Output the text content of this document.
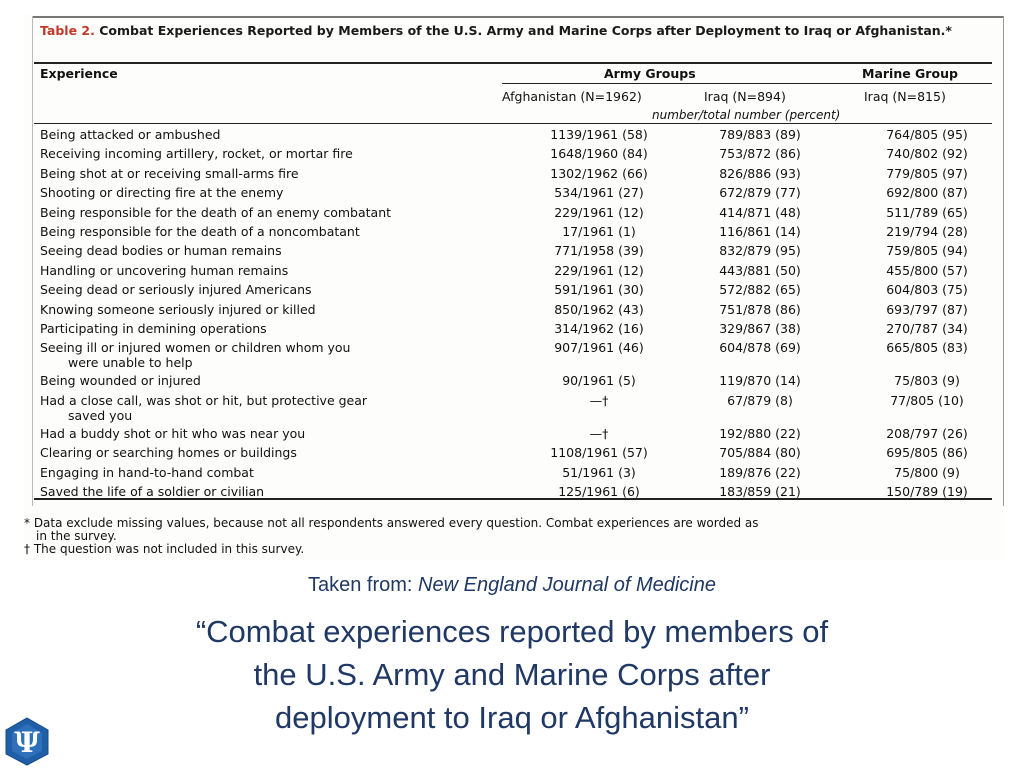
Table 2. Combat Experiences Reported by Members of the U.S. Army and Marine Corps after Deployment to Iraq or Afghanistan.*
Experience	Army Groups	Marine Group
Afghanistan (N=1962)	Iraq (N=894)	Iraq (N=815)
number/total number (percent)
Being attacked or ambushed	1139/1961 (58)	789/883 (89)	764/805 (95)
Receiving incoming artillery, rocket, or mortar fire	1648/1960 (84)	753/872 (86)	740/802 (92)
Being shot at or receiving small-arms fire	1302/1962 (66)	826/886 (93)	779/805 (97)
Shooting or directing fire at the enemy	534/1961 (27)	672/879 (77)	692/800 (87)
Being responsible for the death of an enemy combatant	229/1961 (12)	414/871 (48)	511/789 (65)
Being responsible for the death of a noncombatant	17/1961 (1)	116/861 (14)	219/794 (28)
Seeing dead bodies or human remains	771/1958 (39)	832/879 (95)	759/805 (94)
Handling or uncovering human remains	229/1961 (12)	443/881 (50)	455/800 (57)
Seeing dead or seriously injured Americans	591/1961 (30)	572/882 (65)	604/803 (75)
Knowing someone seriously injured or killed	850/1962 (43)	751/878 (86)	693/797 (87)
Participating in demining operations	314/1962 (16)	329/867 (38)	270/787 (34)
Seeing ill or injured women or children whom you
were unable to help
907/1961 (46)	604/878 (69)	665/805 (83)
Being wounded or injured	90/1961 (5)	119/870 (14)	75/803 (9)
Had a close call, was shot or hit, but protective gear
saved you
—†	67/879 (8)	77/805 (10)
Had a buddy shot or hit who was near you	—†	192/880 (22)	208/797 (26)
Clearing or searching homes or buildings	1108/1961 (57)	705/884 (80)	695/805 (86)
Engaging in hand-to-hand combat	51/1961 (3)	189/876 (22)	75/800 (9)
Saved the life of a soldier or civilian	125/1961 (6)	183/859 (21)	150/789 (19)
* Data exclude missing values, because not all respondents answered every question. Combat experiences are worded as
in the survey.
† The question was not included in this survey.
Taken from: New England Journal of Medicine
“Combat experiences reported by members of
the U.S. Army and Marine Corps after
deployment to Iraq or Afghanistan”
Ψ
